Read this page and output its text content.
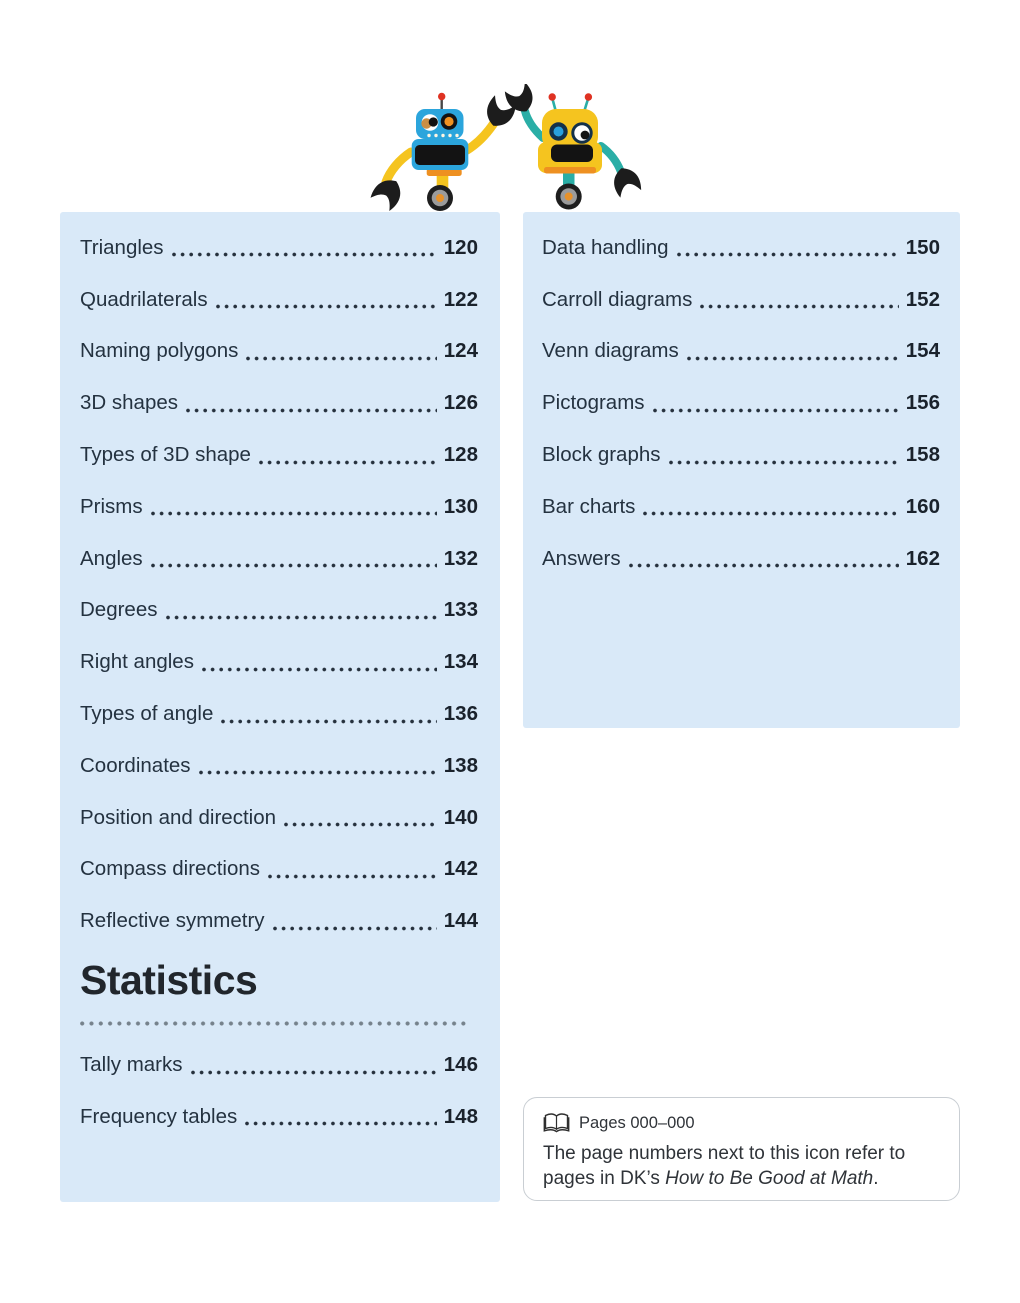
Triangles	120
Quadrilaterals	122
Naming polygons	124
3D shapes	126
Types of 3D shape	128
Prisms	130
Angles	132
Degrees	133
Right angles	134
Types of angle	136
Coordinates	138
Position and direction	140
Compass directions	142
Reflective symmetry	144
Statistics
Tally marks	146
Frequency tables	148
Data handling	150
Carroll diagrams	152
Venn diagrams	154
Pictograms	156
Block graphs	158
Bar charts	160
Answers	162
Pages 000–000
The page numbers next to this icon refer to
pages in DK’s How to Be Good at Math.
